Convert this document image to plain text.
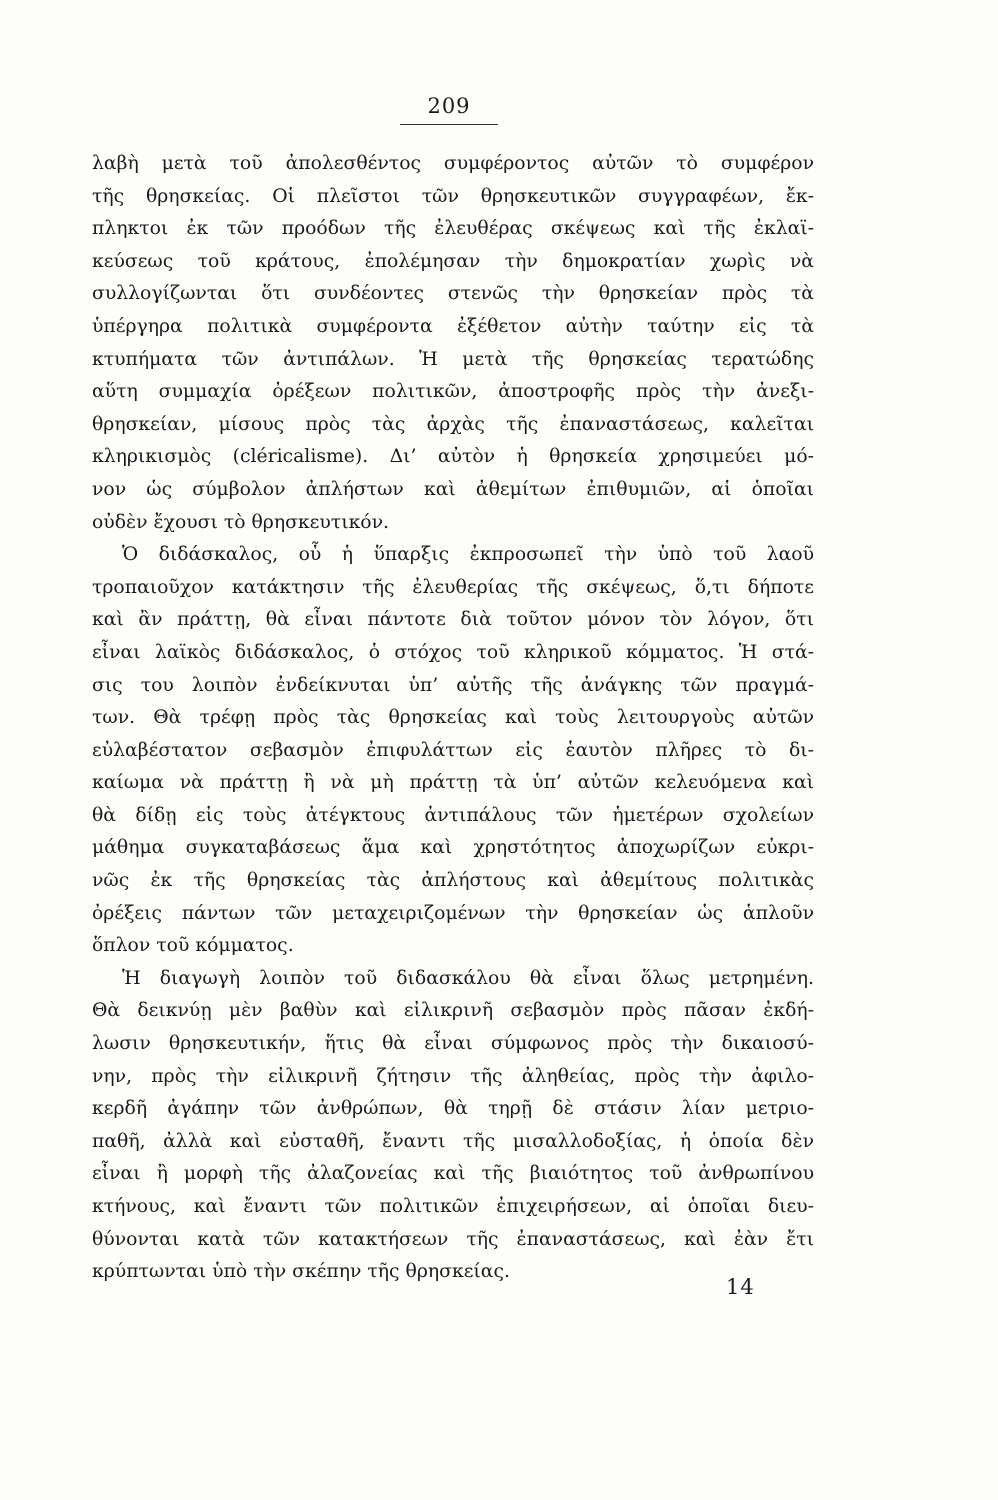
209
λαβὴ μετὰ τοῦ ἀπολεσθέντος συμφέροντος αὐτῶν τὸ συμφέρον
τῆς θρησκείας. Οἱ πλεῖστοι τῶν θρησκευτικῶν συγγραφέων, ἔκ-
πληκτοι ἐκ τῶν προόδων τῆς ἐλευθέρας σκέψεως καὶ τῆς ἐκλαϊ-
κεύσεως τοῦ κράτους, ἐπολέμησαν τὴν δημοκρατίαν χωρὶς νὰ
συλλογίζωνται ὅτι συνδέοντες στενῶς τὴν θρησκείαν πρὸς τὰ
ὑπέργηρα πολιτικὰ συμφέροντα ἐξέθετον αὐτὴν ταύτην εἰς τὰ
κτυπήματα τῶν ἀντιπάλων. Ἡ μετὰ τῆς θρησκείας τερατώδης
αὕτη συμμαχία ὀρέξεων πολιτικῶν, ἀποστροφῆς πρὸς τὴν ἀνεξι-
θρησκείαν, μίσους πρὸς τὰς ἀρχὰς τῆς ἐπαναστάσεως, καλεῖται
κληρικισμὸς (cléricalisme). Δι’ αὐτὸν ἡ θρησκεία χρησιμεύει μό-
νον ὡς σύμβολον ἀπλήστων καὶ ἀθεμίτων ἐπιθυμιῶν, αἱ ὁποῖαι
οὐδὲν ἔχουσι τὸ θρησκευτικόν.
Ὁ διδάσκαλος, οὗ ἡ ὕπαρξις ἐκπροσωπεῖ τὴν ὑπὸ τοῦ λαοῦ
τροπαιοῦχον κατάκτησιν τῆς ἐλευθερίας τῆς σκέψεως, ὅ,τι δήποτε
καὶ ἂν πράττῃ, θὰ εἶναι πάντοτε διὰ τοῦτον μόνον τὸν λόγον, ὅτι
εἶναι λαϊκὸς διδάσκαλος, ὁ στόχος τοῦ κληρικοῦ κόμματος. Ἡ στά-
σις του λοιπὸν ἐνδείκνυται ὑπ’ αὐτῆς τῆς ἀνάγκης τῶν πραγμά-
των. Θὰ τρέφῃ πρὸς τὰς θρησκείας καὶ τοὺς λειτουργοὺς αὐτῶν
εὐλαβέστατον σεβασμὸν ἐπιφυλάττων εἰς ἑαυτὸν πλῆρες τὸ δι-
καίωμα νὰ πράττῃ ἢ νὰ μὴ πράττῃ τὰ ὑπ’ αὐτῶν κελευόμενα καὶ
θὰ δίδῃ εἰς τοὺς ἀτέγκτους ἀντιπάλους τῶν ἡμετέρων σχολείων
μάθημα συγκαταβάσεως ἅμα καὶ χρηστότητος ἀποχωρίζων εὐκρι-
νῶς ἐκ τῆς θρησκείας τὰς ἀπλήστους καὶ ἀθεμίτους πολιτικὰς
ὀρέξεις πάντων τῶν μεταχειριζομένων τὴν θρησκείαν ὡς ἁπλοῦν
ὅπλον τοῦ κόμματος.
Ἡ διαγωγὴ λοιπὸν τοῦ διδασκάλου θὰ εἶναι ὅλως μετρημένη.
Θὰ δεικνύῃ μὲν βαθὺν καὶ εἰλικρινῆ σεβασμὸν πρὸς πᾶσαν ἐκδή-
λωσιν θρησκευτικήν, ἥτις θὰ εἶναι σύμφωνος πρὸς τὴν δικαιοσύ-
νην, πρὸς τὴν εἰλικρινῆ ζήτησιν τῆς ἀληθείας, πρὸς τὴν ἀφιλο-
κερδῆ ἀγάπην τῶν ἀνθρώπων, θὰ τηρῇ δὲ στάσιν λίαν μετριο-
παθῆ, ἀλλὰ καὶ εὐσταθῆ, ἔναντι τῆς μισαλλοδοξίας, ἡ ὁποία δὲν
εἶναι ἢ μορφὴ τῆς ἀλαζονείας καὶ τῆς βιαιότητος τοῦ ἀνθρωπίνου
κτήνους, καὶ ἔναντι τῶν πολιτικῶν ἐπιχειρήσεων, αἱ ὁποῖαι διευ-
θύνονται κατὰ τῶν κατακτήσεων τῆς ἐπαναστάσεως, καὶ ἐὰν ἔτι
κρύπτωνται ὑπὸ τὴν σκέπην τῆς θρησκείας.
14
